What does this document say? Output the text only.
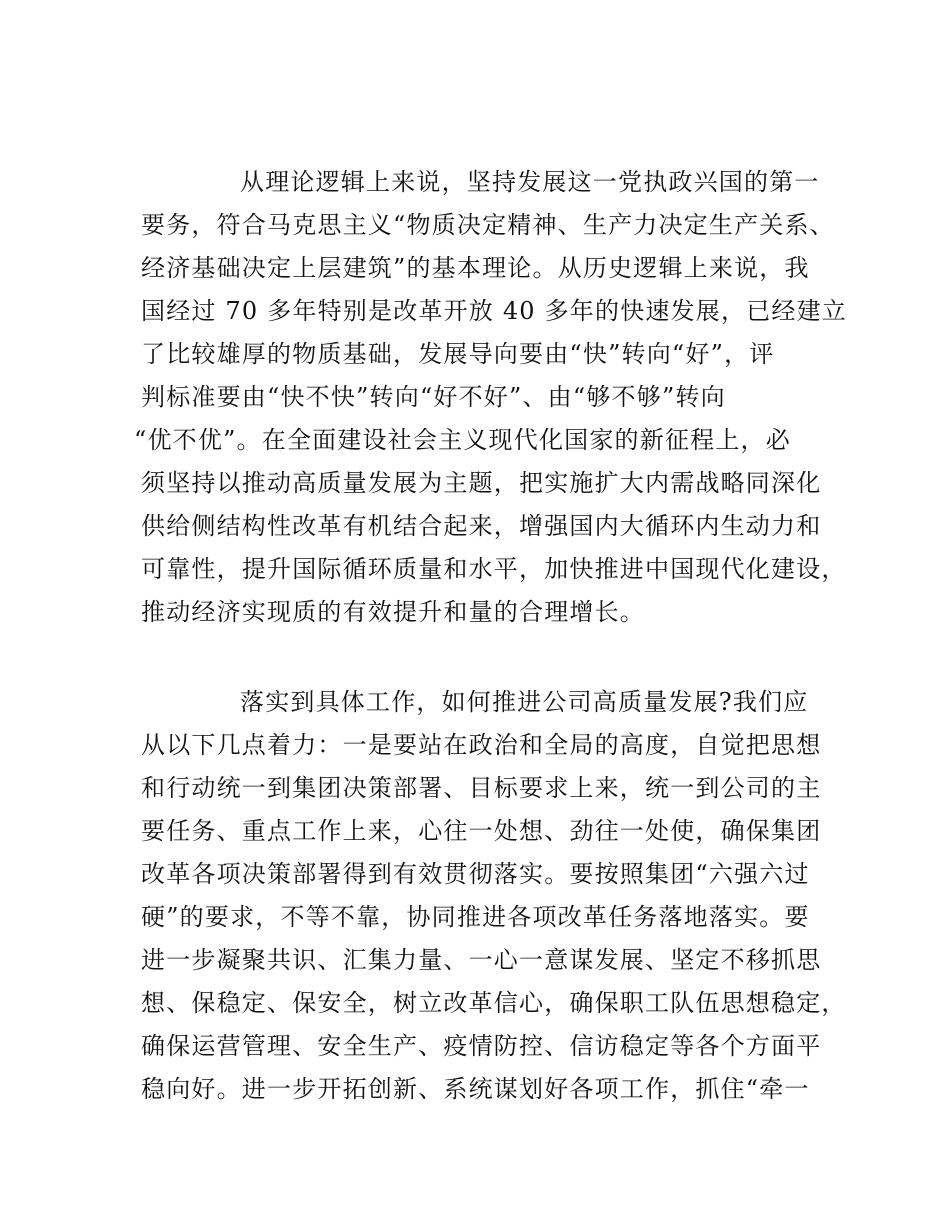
从理论逻辑上来说，坚持发展这一党执政兴国的第一
要务，符合马克思主义“物质决定精神、生产力决定生产关系、
经济基础决定上层建筑”的基本理论。从历史逻辑上来说，我
国经过 70 多年特别是改革开放 40 多年的快速发展，已经建立
了比较雄厚的物质基础，发展导向要由“快”转向“好”，评
判标准要由“快不快”转向“好不好”、由“够不够”转向
“优不优”。在全面建设社会主义现代化国家的新征程上，必
须坚持以推动高质量发展为主题，把实施扩大内需战略同深化
供给侧结构性改革有机结合起来，增强国内大循环内生动力和
可靠性，提升国际循环质量和水平，加快推进中国现代化建设，
推动经济实现质的有效提升和量的合理增长。
落实到具体工作，如何推进公司高质量发展?我们应
从以下几点着力：一是要站在政治和全局的高度，自觉把思想
和行动统一到集团决策部署、目标要求上来，统一到公司的主
要任务、重点工作上来，心往一处想、劲往一处使，确保集团
改革各项决策部署得到有效贯彻落实。要按照集团“六强六过
硬”的要求，不等不靠，协同推进各项改革任务落地落实。要
进一步凝聚共识、汇集力量、一心一意谋发展、坚定不移抓思
想、保稳定、保安全，树立改革信心，确保职工队伍思想稳定，
确保运营管理、安全生产、疫情防控、信访稳定等各个方面平
稳向好。进一步开拓创新、系统谋划好各项工作，抓住“牵一
